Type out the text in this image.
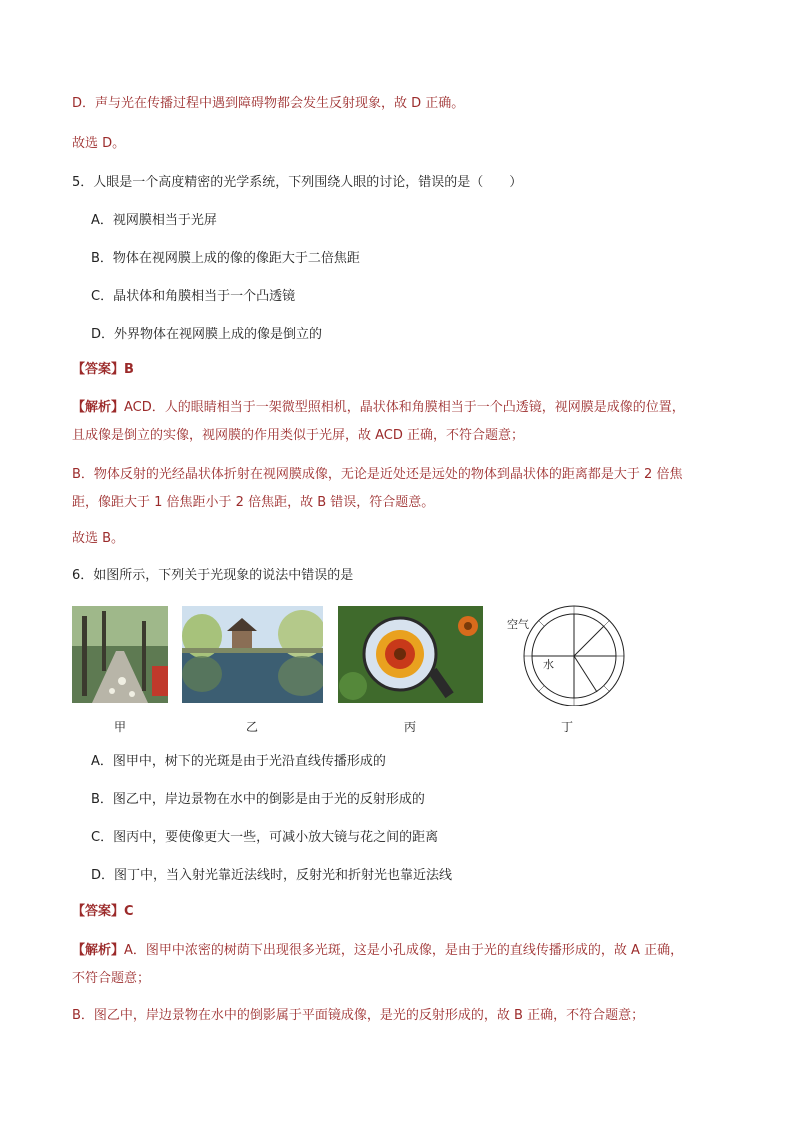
D．声与光在传播过程中遇到障碍物都会发生反射现象，故 D 正确。
故选 D。
5．人眼是一个高度精密的光学系统，下列围绕人眼的讨论，错误的是（　　）
A．视网膜相当于光屏
B．物体在视网膜上成的像的像距大于二倍焦距
C．晶状体和角膜相当于一个凸透镜
D．外界物体在视网膜上成的像是倒立的
【答案】B
【解析】ACD．人的眼睛相当于一架微型照相机，晶状体和角膜相当于一个凸透镜，视网膜是成像的位置，
且成像是倒立的实像，视网膜的作用类似于光屏，故 ACD 正确，不符合题意；
B．物体反射的光经晶状体折射在视网膜成像，无论是近处还是远处的物体到晶状体的距离都是大于 2 倍焦
距，像距大于 1 倍焦距小于 2 倍焦距，故 B 错误，符合题意。
故选 B。
6．如图所示，下列关于光现象的说法中错误的是
空气
水
甲	乙	丙	丁
A．图甲中，树下的光斑是由于光沿直线传播形成的
B．图乙中，岸边景物在水中的倒影是由于光的反射形成的
C．图丙中，要使像更大一些，可减小放大镜与花之间的距离
D．图丁中，当入射光靠近法线时，反射光和折射光也靠近法线
【答案】C
【解析】A．图甲中浓密的树荫下出现很多光斑，这是小孔成像，是由于光的直线传播形成的，故 A 正确，
不符合题意；
B．图乙中，岸边景物在水中的倒影属于平面镜成像，是光的反射形成的，故 B 正确，不符合题意；
